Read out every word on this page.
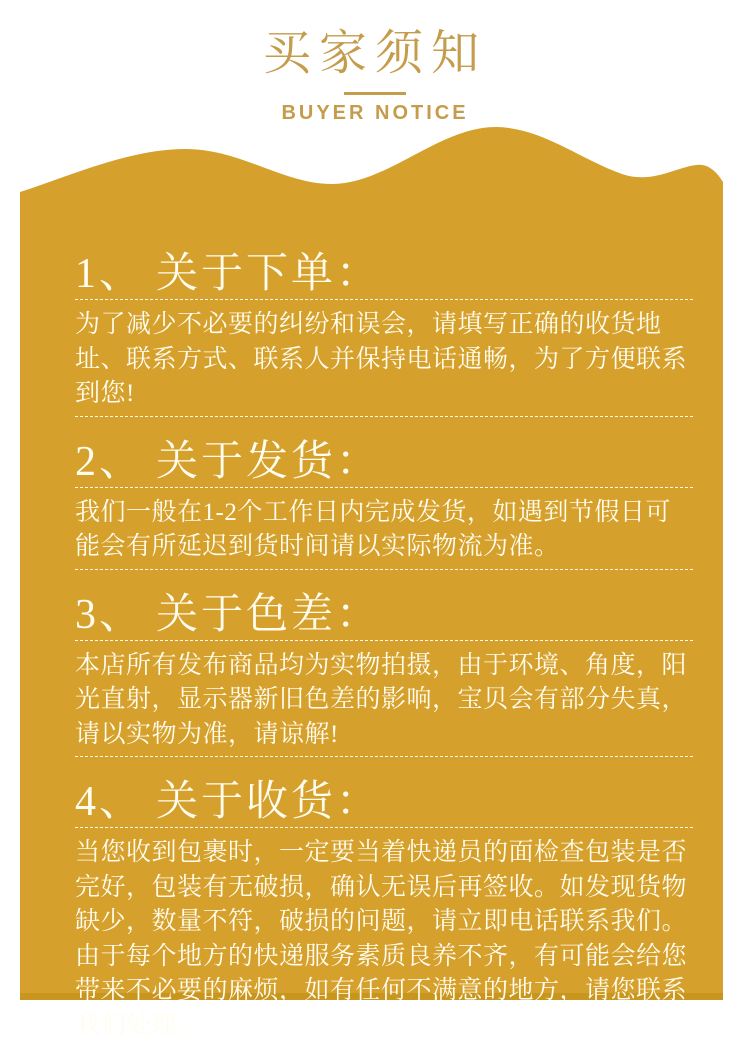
买家须知
BUYER NOTICE
1、 关于下单：

为了减少不必要的纠纷和误会，请填写正确的收货地址、联系方式、联系人并保持电话通畅，为了方便联系到您!

2、 关于发货：

我们一般在1-2个工作日内完成发货，如遇到节假日可能会有所延迟到货时间请以实际物流为准。

3、 关于色差：

本店所有发布商品均为实物拍摄，由于环境、角度，阳光直射，显示器新旧色差的影响，宝贝会有部分失真，请以实物为准，请谅解!

4、 关于收货：

当您收到包裹时，一定要当着快递员的面检查包装是否完好，包装有无破损，确认无误后再签收。如发现货物缺少，数量不符，破损的问题，请立即电话联系我们。由于每个地方的快递服务素质良养不齐，有可能会给您带来不必要的麻烦，如有任何不满意的地方，请您联系我们处理。
